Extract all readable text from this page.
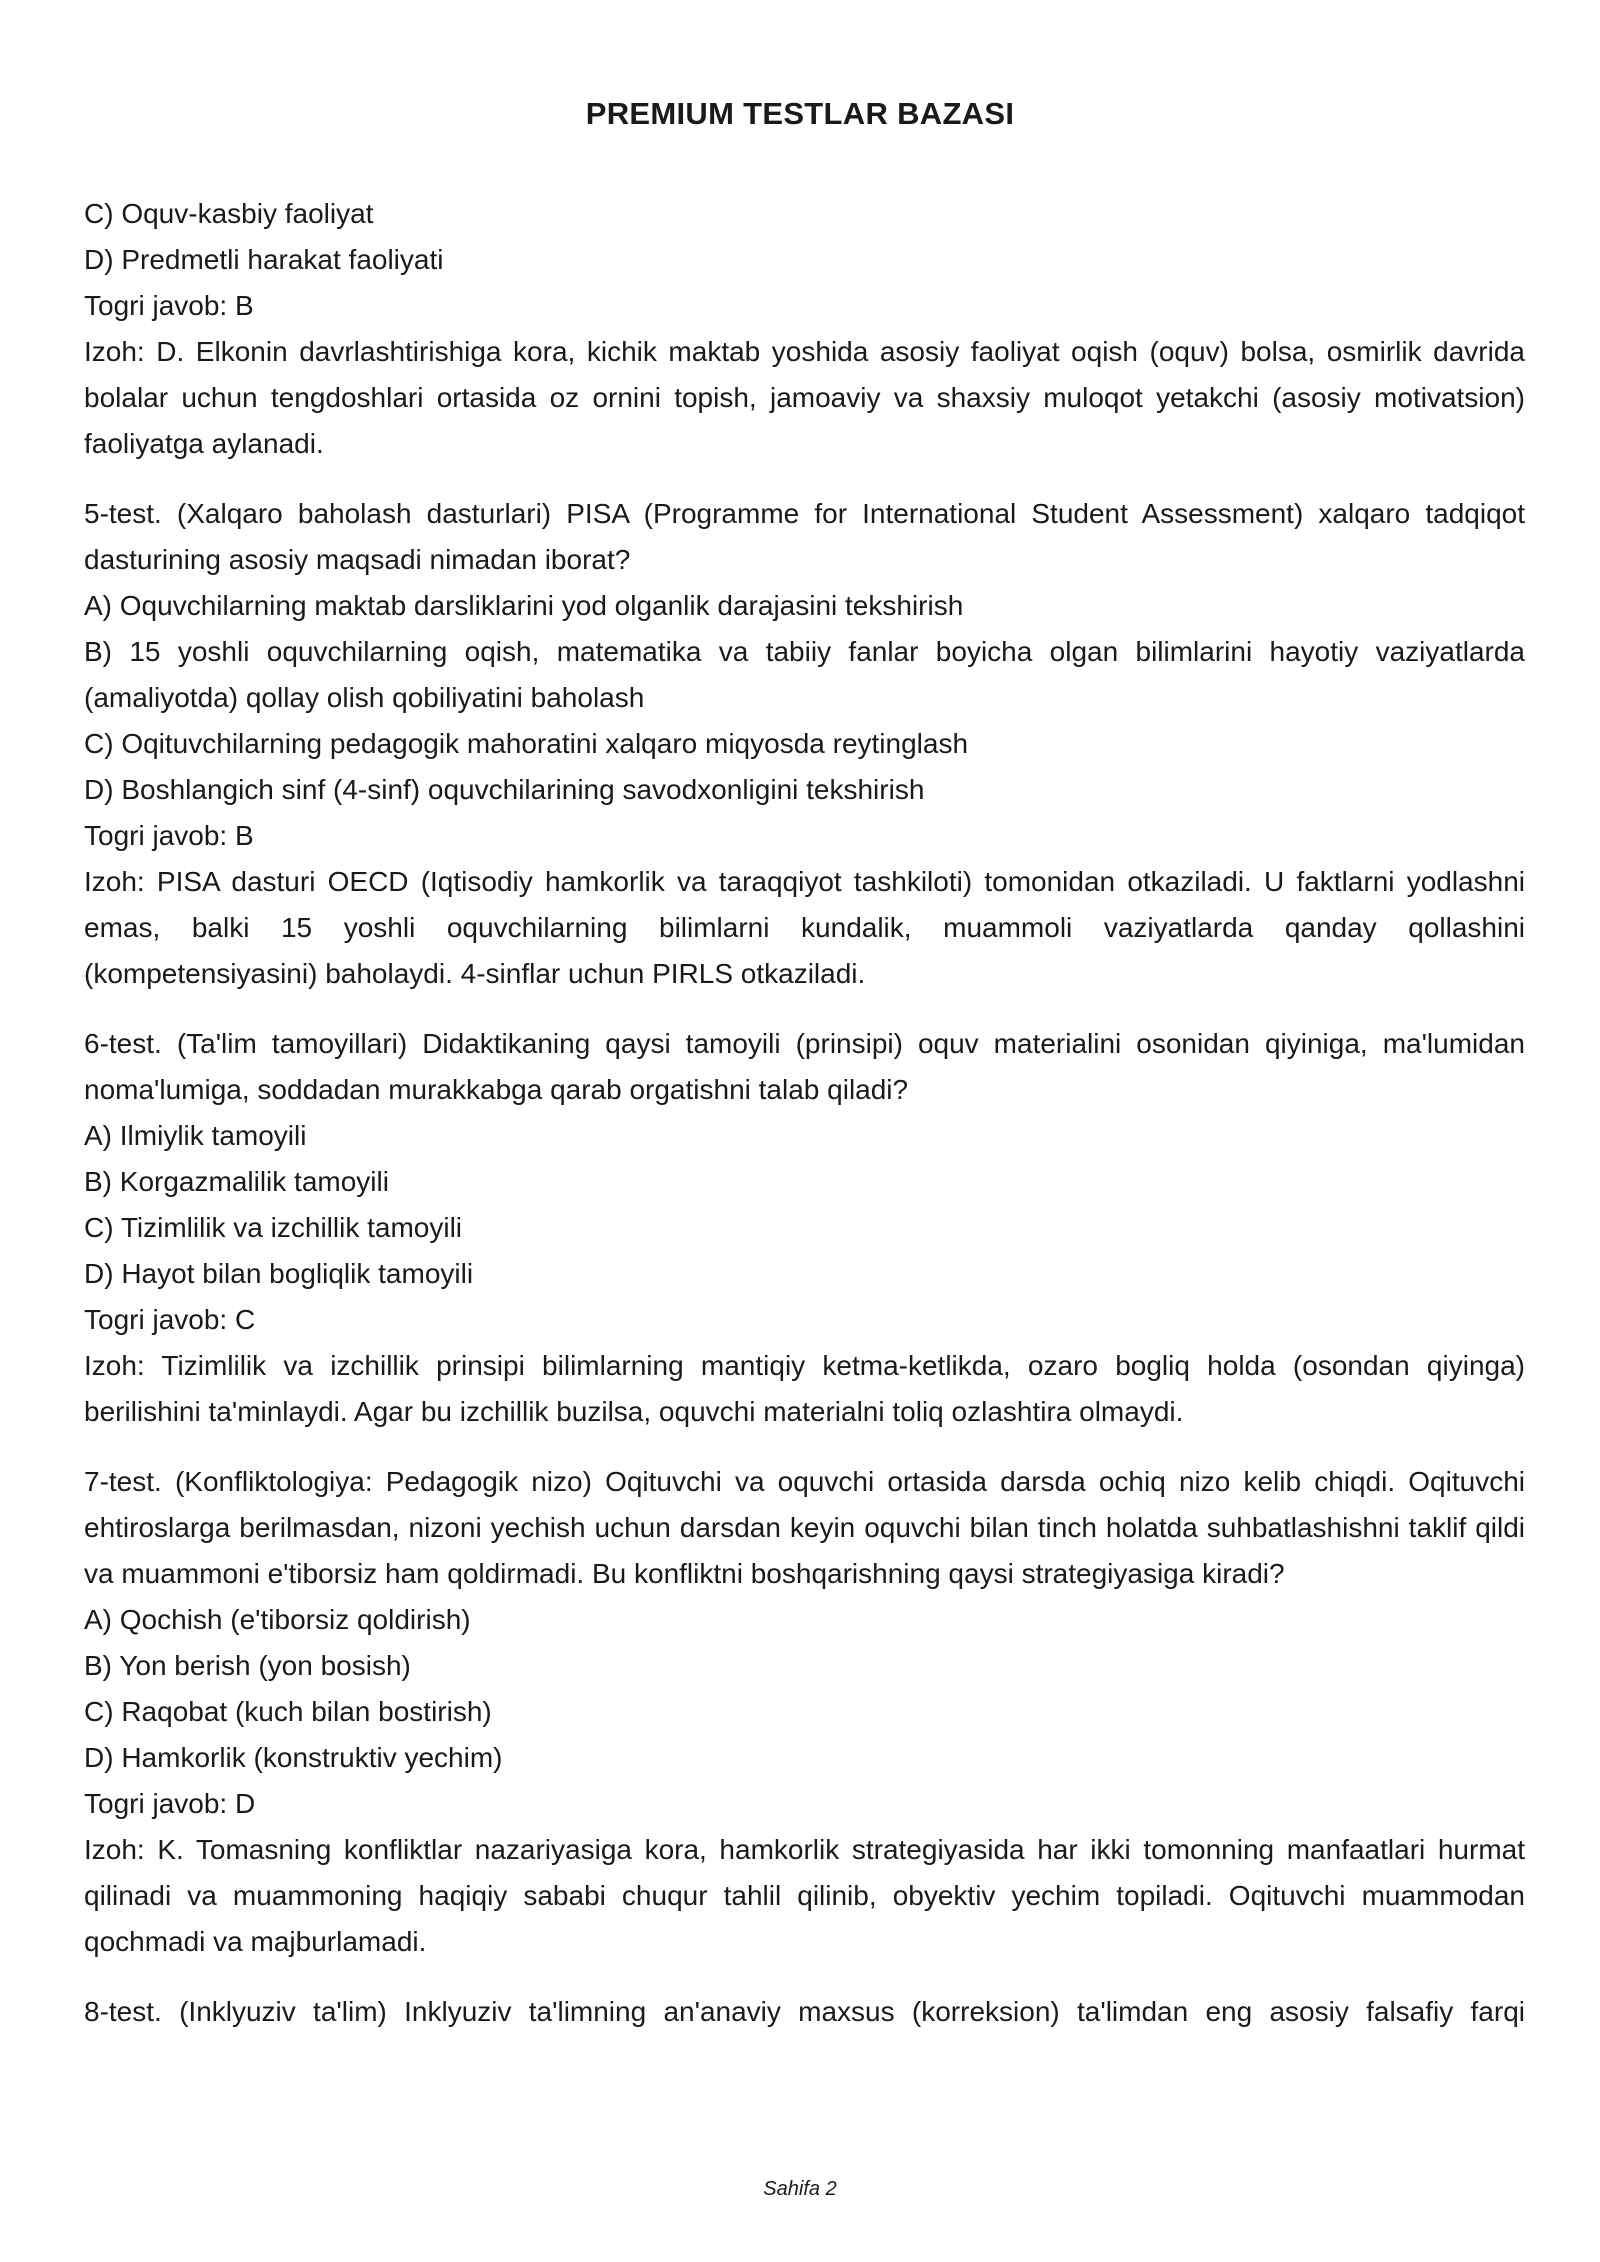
PREMIUM TESTLAR BAZASI

C) Oquv-kasbiy faoliyat

D) Predmetli harakat faoliyati

Togri javob: B

Izoh: D. Elkonin davrlashtirishiga kora, kichik maktab yoshida asosiy faoliyat oqish (oquv) bolsa, osmirlik davrida bolalar uchun tengdoshlari ortasida oz ornini topish, jamoaviy va shaxsiy muloqot yetakchi (asosiy motivatsion) faoliyatga aylanadi.

5-test. (Xalqaro baholash dasturlari) PISA (Programme for International Student Assessment) xalqaro tadqiqot dasturining asosiy maqsadi nimadan iborat?

A) Oquvchilarning maktab darsliklarini yod olganlik darajasini tekshirish

B) 15 yoshli oquvchilarning oqish, matematika va tabiiy fanlar boyicha olgan bilimlarini hayotiy vaziyatlarda (amaliyotda) qollay olish qobiliyatini baholash

C) Oqituvchilarning pedagogik mahoratini xalqaro miqyosda reytinglash

D) Boshlangich sinf (4-sinf) oquvchilarining savodxonligini tekshirish

Togri javob: B

Izoh: PISA dasturi OECD (Iqtisodiy hamkorlik va taraqqiyot tashkiloti) tomonidan otkaziladi. U faktlarni yodlashni emas, balki 15 yoshli oquvchilarning bilimlarni kundalik, muammoli vaziyatlarda qanday qollashini (kompetensiyasini) baholaydi. 4-sinflar uchun PIRLS otkaziladi.

6-test. (Ta'lim tamoyillari) Didaktikaning qaysi tamoyili (prinsipi) oquv materialini osonidan qiyiniga, ma'lumidan noma'lumiga, soddadan murakkabga qarab orgatishni talab qiladi?

A) Ilmiylik tamoyili

B) Korgazmalilik tamoyili

C) Tizimlilik va izchillik tamoyili

D) Hayot bilan bogliqlik tamoyili

Togri javob: C

Izoh: Tizimlilik va izchillik prinsipi bilimlarning mantiqiy ketma-ketlikda, ozaro bogliq holda (osondan qiyinga) berilishini ta'minlaydi. Agar bu izchillik buzilsa, oquvchi materialni toliq ozlashtira olmaydi.

7-test. (Konfliktologiya: Pedagogik nizo) Oqituvchi va oquvchi ortasida darsda ochiq nizo kelib chiqdi. Oqituvchi ehtiroslarga berilmasdan, nizoni yechish uchun darsdan keyin oquvchi bilan tinch holatda suhbatlashishni taklif qildi va muammoni e'tiborsiz ham qoldirmadi. Bu konfliktni boshqarishning qaysi strategiyasiga kiradi?

A) Qochish (e'tiborsiz qoldirish)

B) Yon berish (yon bosish)

C) Raqobat (kuch bilan bostirish)

D) Hamkorlik (konstruktiv yechim)

Togri javob: D

Izoh: K. Tomasning konfliktlar nazariyasiga kora, hamkorlik strategiyasida har ikki tomonning manfaatlari hurmat qilinadi va muammoning haqiqiy sababi chuqur tahlil qilinib, obyektiv yechim topiladi. Oqituvchi muammodan qochmadi va majburlamadi.

8-test. (Inklyuziv ta'lim) Inklyuziv ta'limning an'anaviy maxsus (korreksion) ta'limdan eng asosiy falsafiy farqi

Sahifa 2
